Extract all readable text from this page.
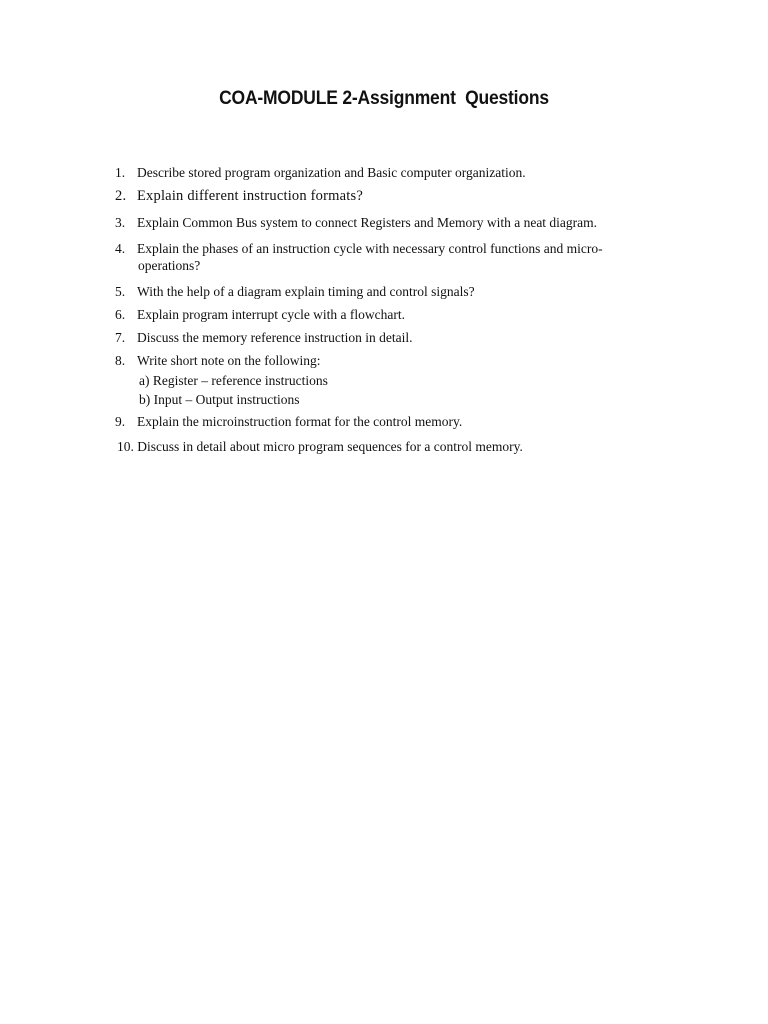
COA-MODULE 2-Assignment  Questions
1. Describe stored program organization and Basic computer organization.
2. Explain different instruction formats?
3. Explain Common Bus system to connect Registers and Memory with a neat diagram.
4. Explain the phases of an instruction cycle with necessary control functions and micro-
operations?
5. With the help of a diagram explain timing and control signals?
6. Explain program interrupt cycle with a flowchart.
7. Discuss the memory reference instruction in detail.
8. Write short note on the following:
a) Register – reference instructions
b) Input – Output instructions
9. Explain the microinstruction format for the control memory.
10. Discuss in detail about micro program sequences for a control memory.
